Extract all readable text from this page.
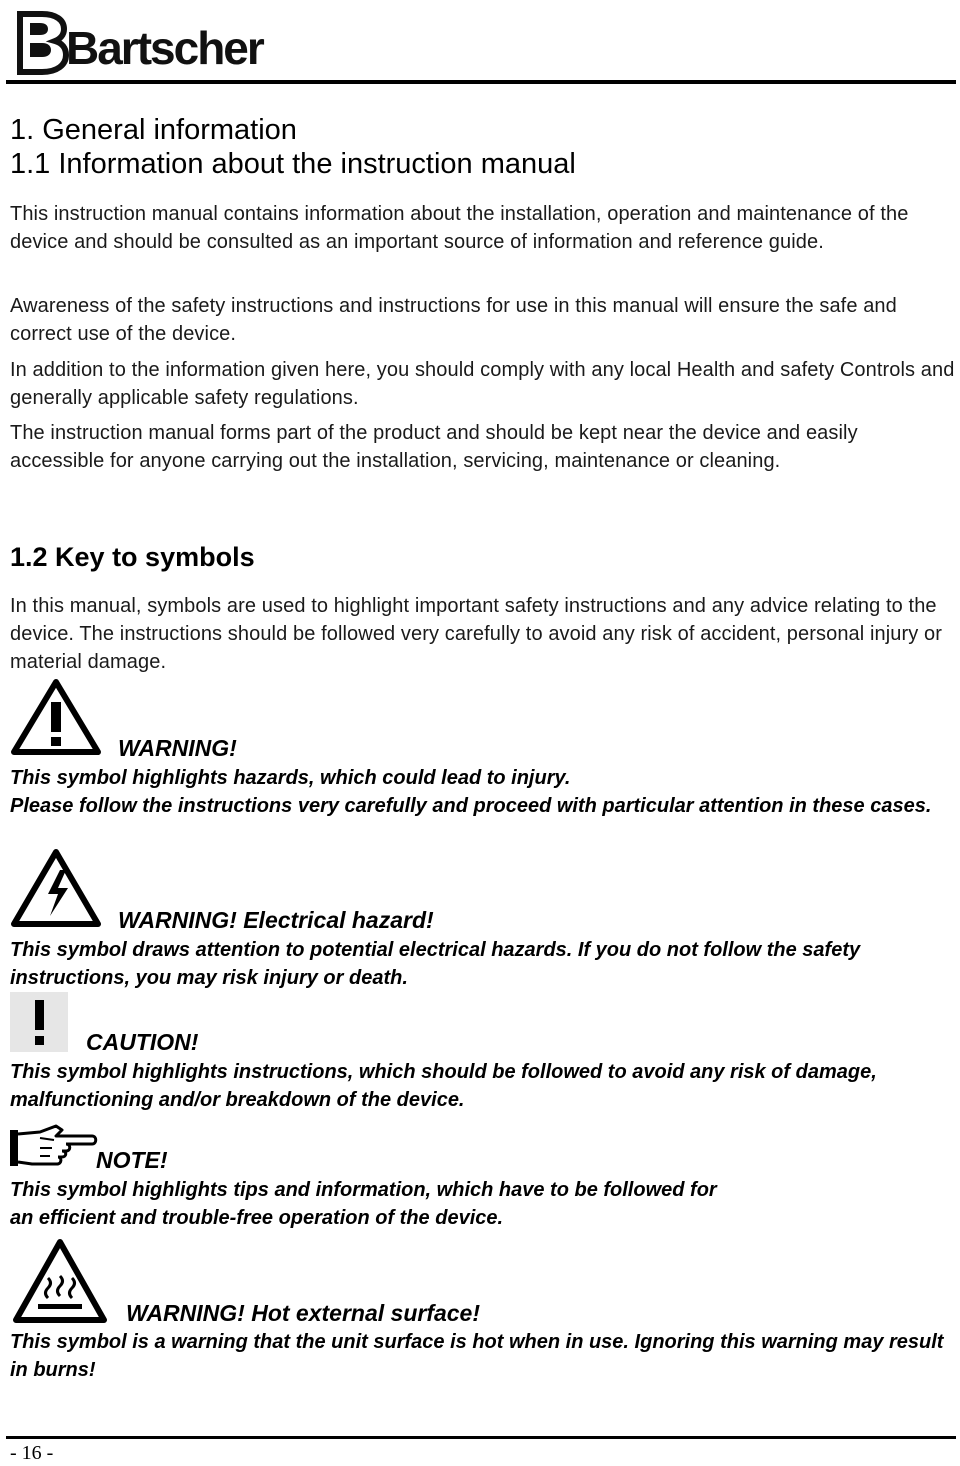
Bartscher
1. General information
1.1 Information about the instruction manual

This instruction manual contains information about the installation, operation and maintenance of the device and should be consulted as an important source of information and reference guide.

Awareness of the safety instructions and instructions for use in this manual will ensure the safe and correct use of the device.

In addition to the information given here, you should comply with any local Health and safety Controls and generally applicable safety regulations.

The instruction manual forms part of the product and should be kept near the device and easily accessible for anyone carrying out the installation, servicing, maintenance or cleaning.

1.2 Key to symbols

In this manual, symbols are used to highlight important safety instructions and any advice relating to the device. The instructions should be followed very carefully to avoid any risk of accident, personal injury or material damage.

WARNING!

This symbol highlights hazards, which could lead to injury.

Please follow the instructions very carefully and proceed with particular attention in these cases.

WARNING! Electrical hazard!

This symbol draws attention to potential electrical hazards. If you do not follow the safety instructions, you may risk injury or death.

CAUTION!

This symbol highlights instructions, which should be followed to avoid any risk of damage, malfunctioning and/or breakdown of the device.

NOTE!

This symbol highlights tips and information, which have to be followed for

an efficient and trouble-free operation of the device.

WARNING! Hot external surface!

This symbol is a warning that the unit surface is hot when in use. Ignoring this warning may result in burns!

- 16 -
